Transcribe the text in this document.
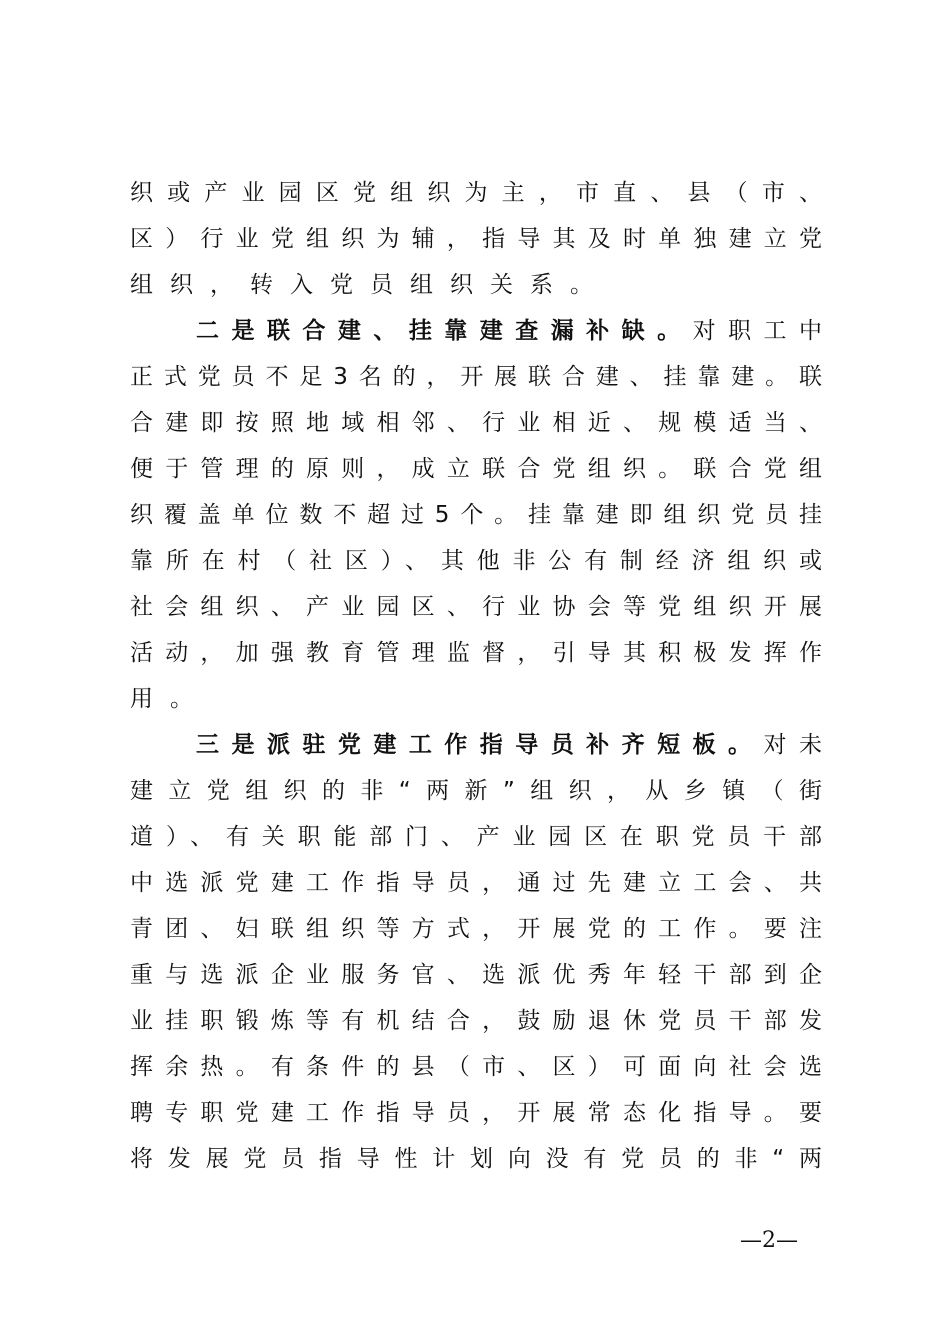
织或产业园区党组织为主，市直、县（市、
区）行业党组织为辅，指导其及时单独建立党
组织，转入党员组织关系。
二是联合建、挂靠建查漏补缺。对职工中
正式党员不足3名的，开展联合建、挂靠建。联
合建即按照地域相邻、行业相近、规模适当、
便于管理的原则，成立联合党组织。联合党组
织覆盖单位数不超过5个。挂靠建即组织党员挂
靠所在村（社区）、其他非公有制经济组织或
社会组织、产业园区、行业协会等党组织开展
活动，加强教育管理监督，引导其积极发挥作
用。
三是派驻党建工作指导员补齐短板。对未
建立党组织的非“两新”组织，从乡镇（街
道）、有关职能部门、产业园区在职党员干部
中选派党建工作指导员，通过先建立工会、共
青团、妇联组织等方式，开展党的工作。要注
重与选派企业服务官、选派优秀年轻干部到企
业挂职锻炼等有机结合，鼓励退休党员干部发
挥余热。有条件的县（市、区）可面向社会选
聘专职党建工作指导员，开展常态化指导。要
将发展党员指导性计划向没有党员的非“两
—2—
